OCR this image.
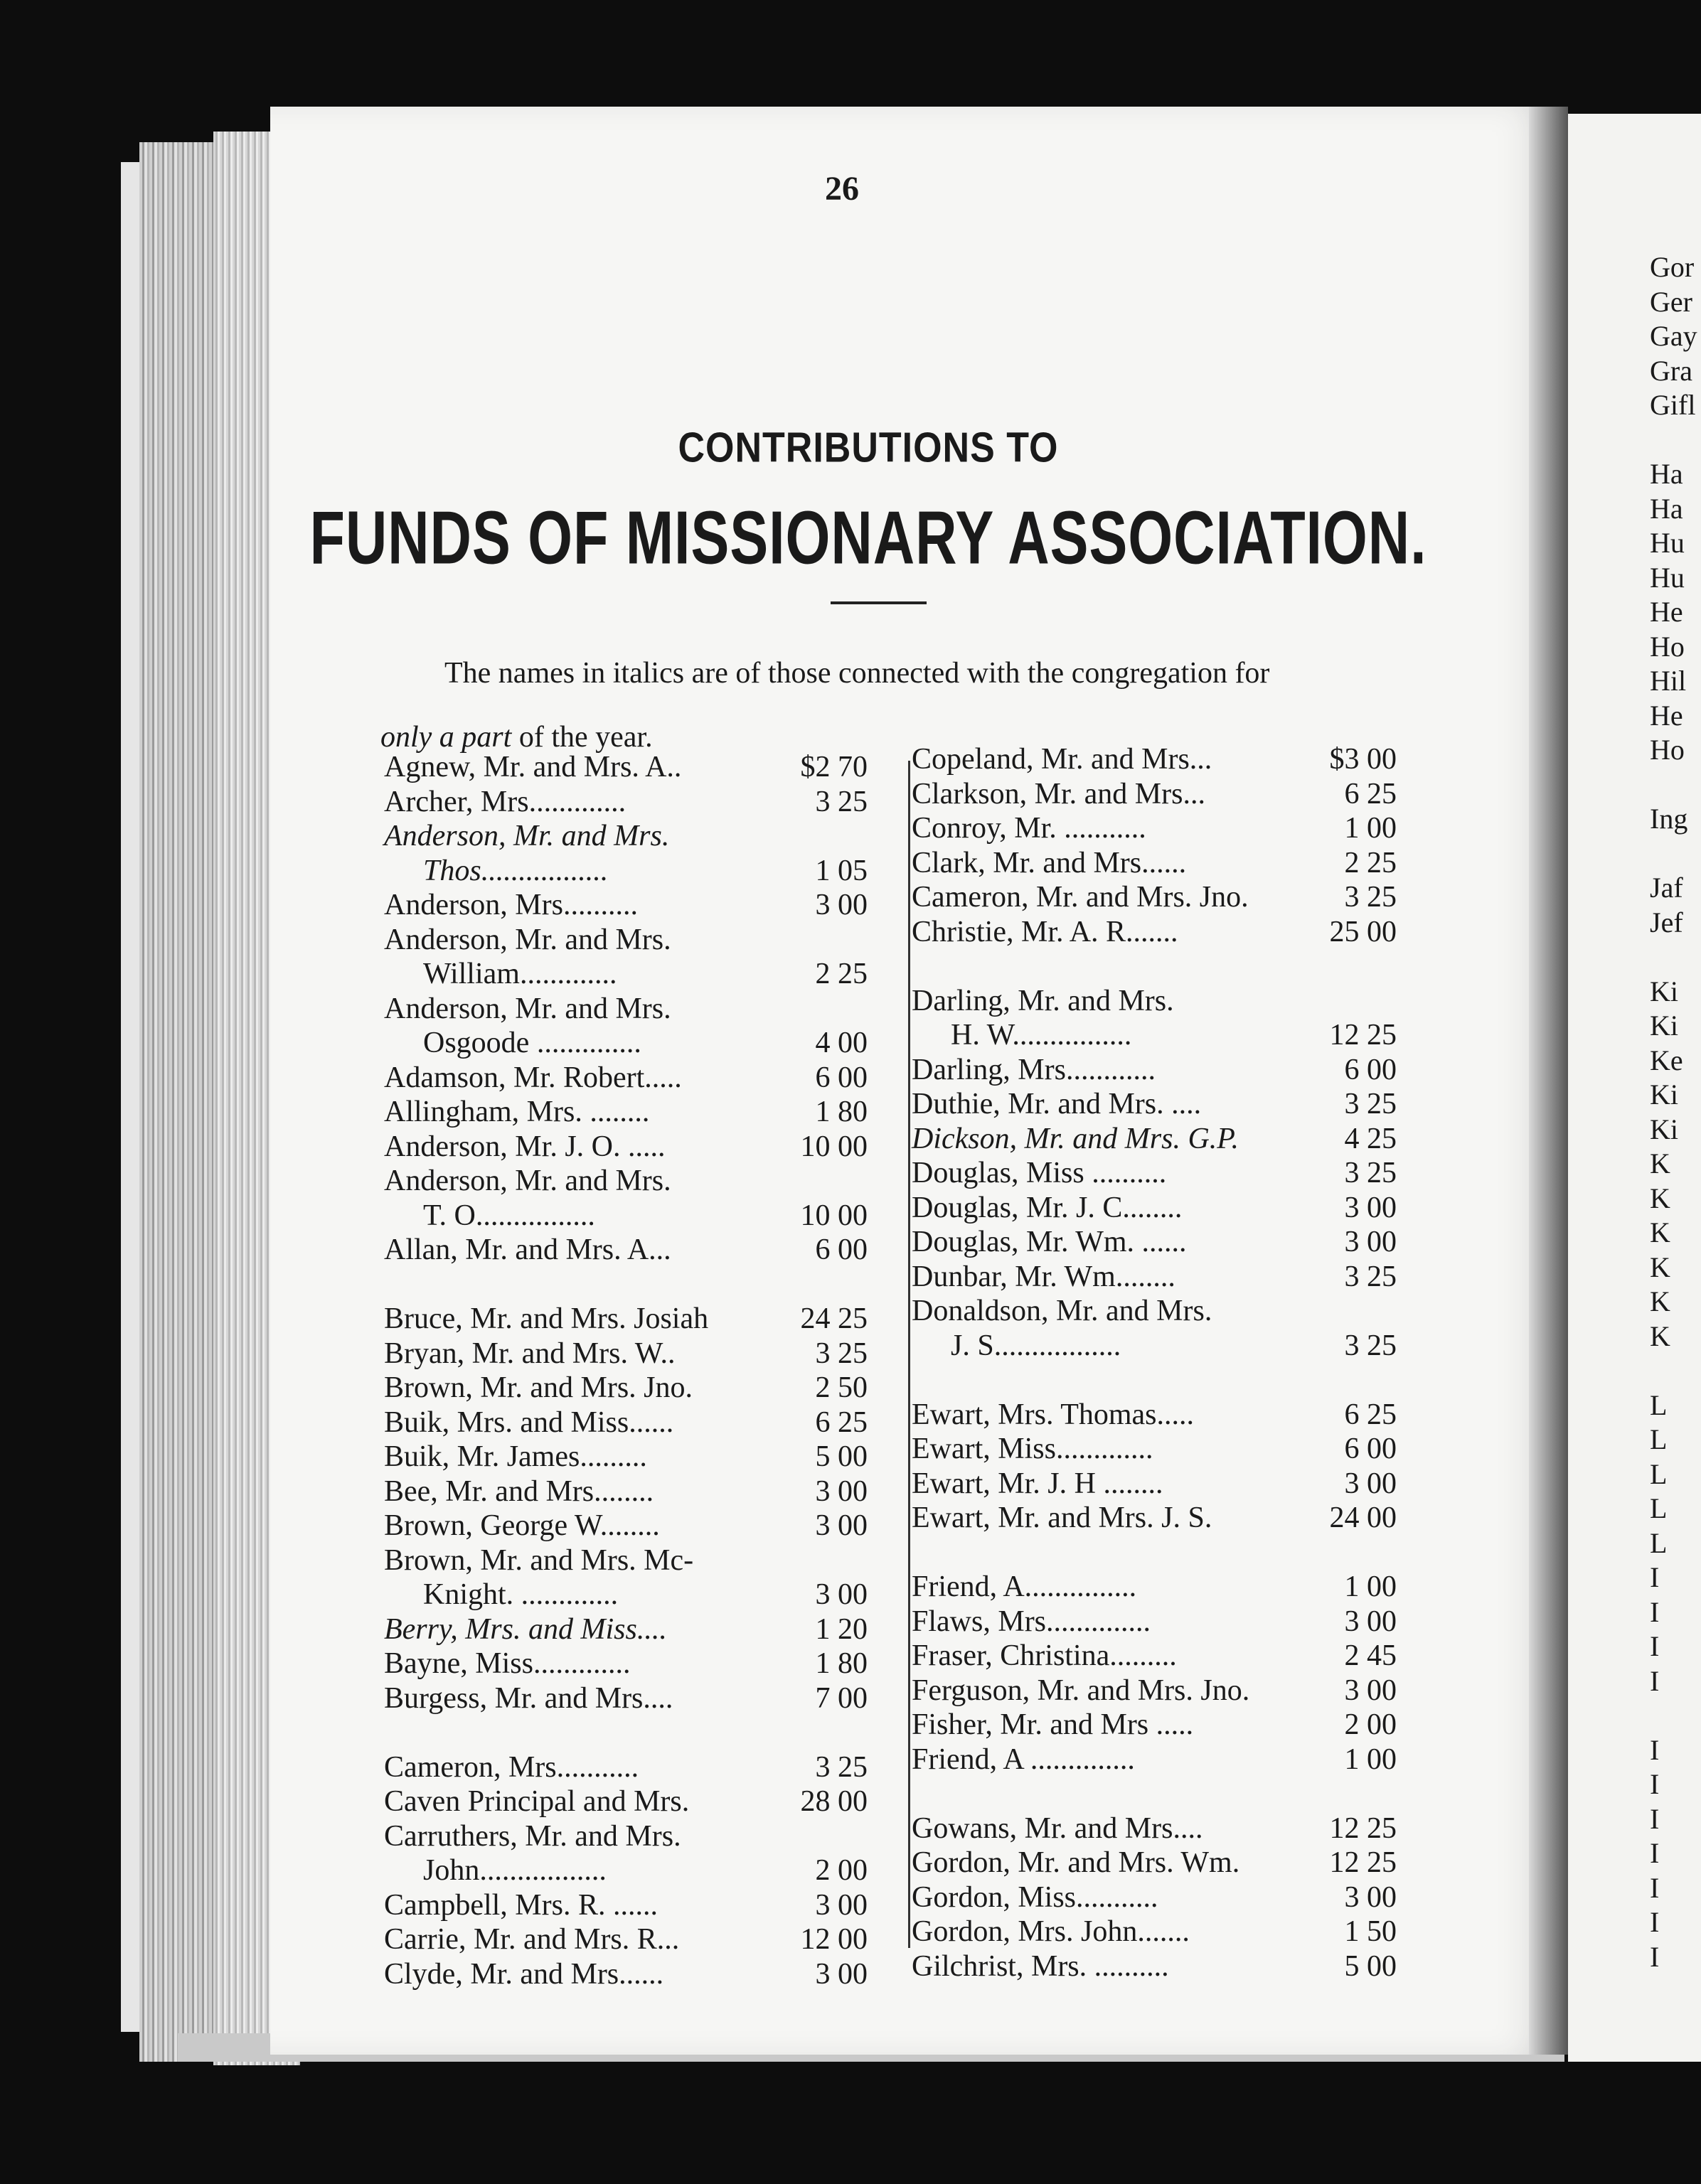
Gor
Ger
Gay
Gra
Gifl
Ha
Ha
Hu
Hu
He
Ho
Hil
He
Ho
Ing
Jaf
Jef
Ki
Ki
Ke
Ki
Ki
K
K
K
K
K
K
L
L
L
L
L
I
I
I
I
I
I
I
I
I
I
I
26
CONTRIBUTIONS TO
FUNDS OF MISSIONARY ASSOCIATION.
The names in italics are of those connected with the congregation for
only a part of the year.
Agnew, Mr. and Mrs. A..	$2 70
Archer, Mrs.............	3 25
Anderson, Mr. and Mrs.
Thos.................	1 05
Anderson, Mrs..........	3 00
Anderson, Mr. and Mrs.
William.............	2 25
Anderson, Mr. and Mrs.
Osgoode ..............	4 00
Adamson, Mr. Robert.....	6 00
Allingham, Mrs. ........	1 80
Anderson, Mr. J. O. .....	10 00
Anderson, Mr. and Mrs.
T. O................	10 00
Allan, Mr. and Mrs. A...	6 00
Bruce, Mr. and Mrs. Josiah	24 25
Bryan, Mr. and Mrs. W..	3 25
Brown, Mr. and Mrs. Jno.	2 50
Buik, Mrs. and Miss......	6 25
Buik, Mr. James.........	5 00
Bee, Mr. and Mrs........	3 00
Brown, George W........	3 00
Brown, Mr. and Mrs. Mc-
Knight. .............	3 00
Berry, Mrs. and Miss....	1 20
Bayne, Miss.............	1 80
Burgess, Mr. and Mrs....	7 00
Cameron, Mrs...........	3 25
Caven Principal and Mrs.	28 00
Carruthers, Mr. and Mrs.
John.................	2 00
Campbell, Mrs. R. ......	3 00
Carrie, Mr. and Mrs. R...	12 00
Clyde, Mr. and Mrs......	3 00
Copeland, Mr. and Mrs...	$3 00
Clarkson, Mr. and Mrs...	6 25
Conroy, Mr. ...........	1 00
Clark, Mr. and Mrs......	2 25
Cameron, Mr. and Mrs. Jno.	3 25
Christie, Mr. A. R.......	25 00
Darling, Mr. and Mrs.
H. W................	12 25
Darling, Mrs............	6 00
Duthie, Mr. and Mrs. ....	3 25
Dickson, Mr. and Mrs. G.P.	4 25
Douglas, Miss ..........	3 25
Douglas, Mr. J. C........	3 00
Douglas, Mr. Wm. ......	3 00
Dunbar, Mr. Wm........	3 25
Donaldson, Mr. and Mrs.
J. S.................	3 25
Ewart, Mrs. Thomas.....	6 25
Ewart, Miss.............	6 00
Ewart, Mr. J. H ........	3 00
Ewart, Mr. and Mrs. J. S.	24 00
Friend, A...............	1 00
Flaws, Mrs..............	3 00
Fraser, Christina.........	2 45
Ferguson, Mr. and Mrs. Jno.	3 00
Fisher, Mr. and Mrs .....	2 00
Friend, A ..............	1 00
Gowans, Mr. and Mrs....	12 25
Gordon, Mr. and Mrs. Wm.	12 25
Gordon, Miss...........	3 00
Gordon, Mrs. John.......	1 50
Gilchrist, Mrs. ..........	5 00
